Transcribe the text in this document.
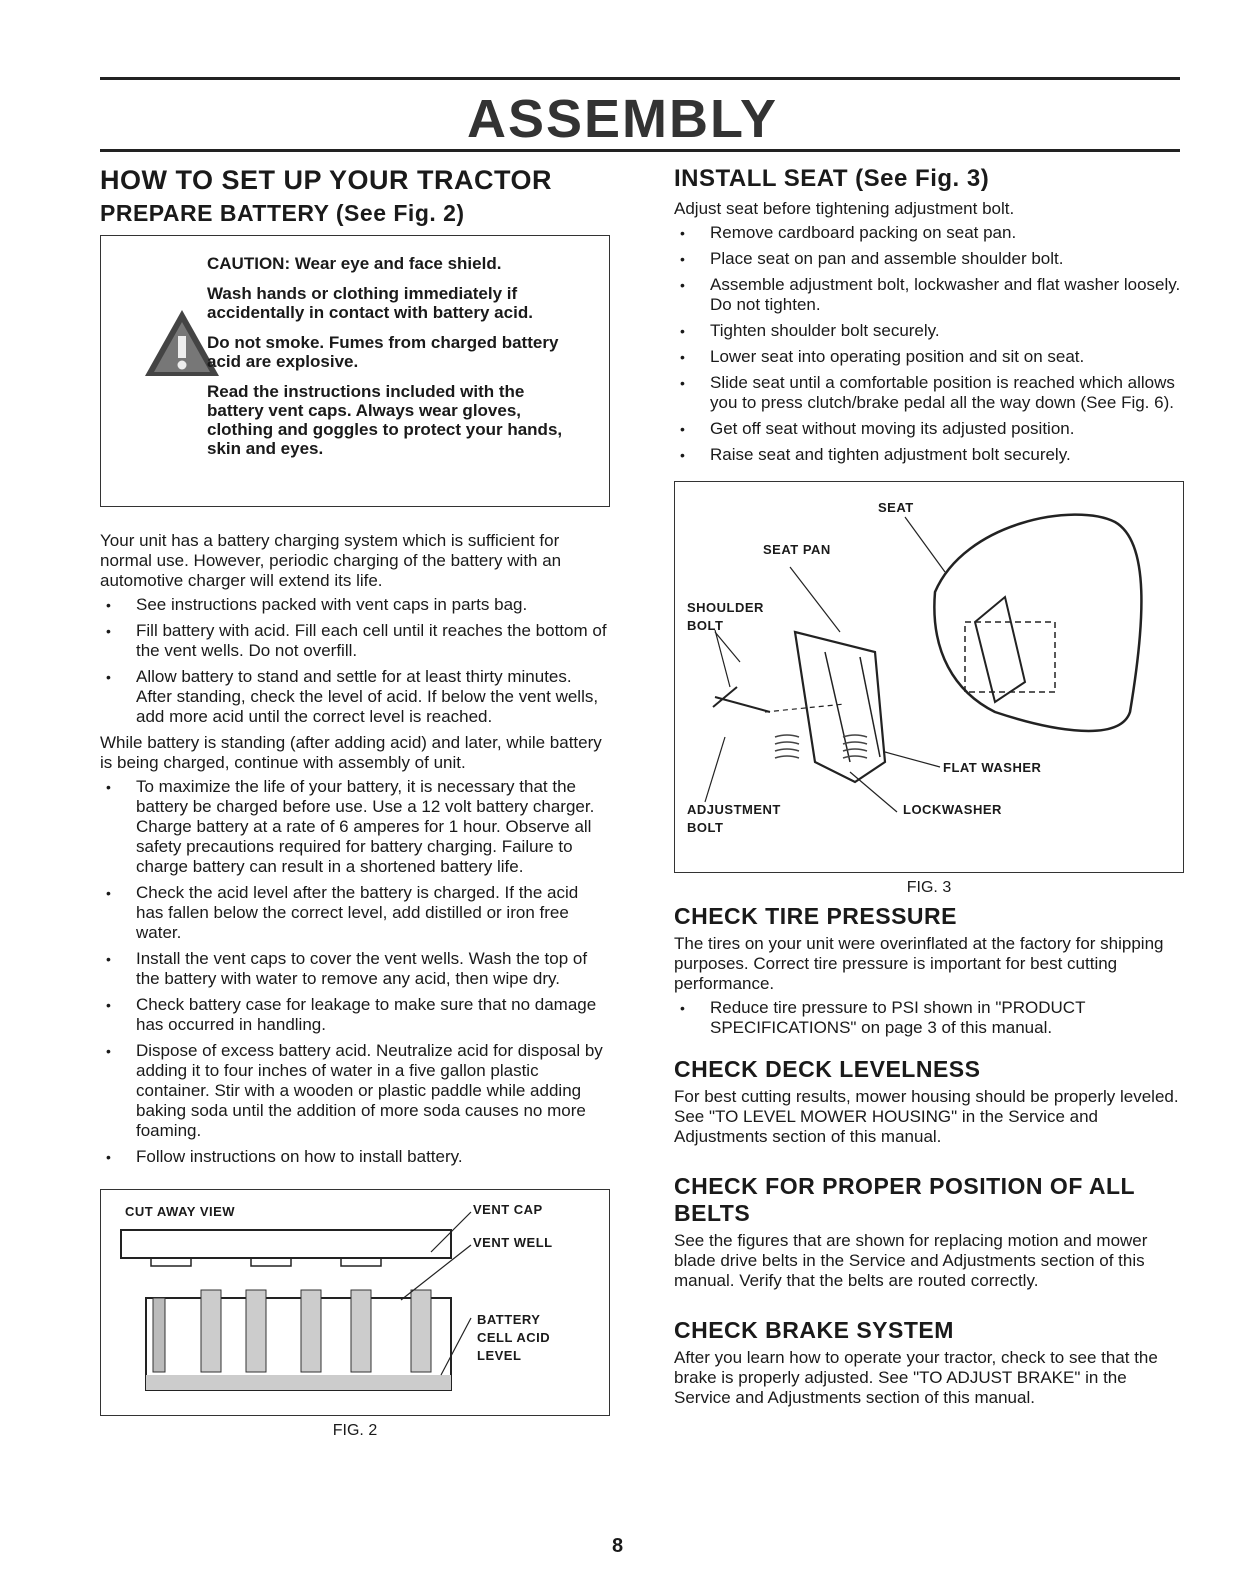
ASSEMBLY
HOW TO SET UP YOUR TRACTOR
PREPARE BATTERY (See Fig. 2)

CAUTION: Wear eye and face shield.

Wash hands or clothing immediately if accidentally in contact with battery acid.

Do not smoke. Fumes from charged battery acid are explosive.

Read the instructions included with the battery vent caps. Always wear gloves, clothing and goggles to protect your hands, skin and eyes.

Your unit has a battery charging system which is sufficient for normal use. However, periodic charging of the battery with an automotive charger will extend its life.

• See instructions packed with vent caps in parts bag.
• Fill battery with acid. Fill each cell until it reaches the bottom of the vent wells. Do not overfill.
• Allow battery to stand and settle for at least thirty minutes. After standing, check the level of acid. If below the vent wells, add more acid until the correct level is reached.

While battery is standing (after adding acid) and later, while battery is being charged, continue with assembly of unit.

• To maximize the life of your battery, it is necessary that the battery be charged before use. Use a 12 volt battery charger. Charge battery at a rate of 6 amperes for 1 hour. Observe all safety precautions required for battery charging. Failure to charge battery can result in a shortened battery life.
• Check the acid level after the battery is charged. If the acid has fallen below the correct level, add distilled or iron free water.
• Install the vent caps to cover the vent wells. Wash the top of the battery with water to remove any acid, then wipe dry.
• Check battery case for leakage to make sure that no damage has occurred in handling.
• Dispose of excess battery acid. Neutralize acid for disposal by adding it to four inches of water in a five gallon plastic container. Stir with a wooden or plastic paddle while adding baking soda until the addition of more soda causes no more foaming.
• Follow instructions on how to install battery.
CUT AWAY VIEW	VENT CAP
VENT WELL
BATTERY
CELL ACID
LEVEL
FIG. 2
INSTALL SEAT (See Fig. 3)

Adjust seat before tightening adjustment bolt.

• Remove cardboard packing on seat pan.
• Place seat on pan and assemble shoulder bolt.
• Assemble adjustment bolt, lockwasher and flat washer loosely. Do not tighten.
• Tighten shoulder bolt securely.
• Lower seat into operating position and sit on seat.
• Slide seat until a comfortable position is reached which allows you to press clutch/brake pedal all the way down (See Fig. 6).
• Get off seat without moving its adjusted position.
• Raise seat and tighten adjustment bolt securely.
SEAT
SEAT PAN
SHOULDER
BOLT
FLAT WASHER
ADJUSTMENT
BOLT
LOCKWASHER
FIG. 3
CHECK TIRE PRESSURE

The tires on your unit were overinflated at the factory for shipping purposes. Correct tire pressure is important for best cutting performance.

• Reduce tire pressure to PSI shown in "PRODUCT SPECIFICATIONS" on page 3 of this manual.
CHECK DECK LEVELNESS

For best cutting results, mower housing should be properly leveled. See "TO LEVEL MOWER HOUSING" in the Service and Adjustments section of this manual.

CHECK FOR PROPER POSITION OF ALL BELTS

See the figures that are shown for replacing motion and mower blade drive belts in the Service and Adjustments section of this manual. Verify that the belts are routed correctly.

CHECK BRAKE SYSTEM

After you learn how to operate your tractor, check to see that the brake is properly adjusted. See "TO ADJUST BRAKE" in the Service and Adjustments section of this manual.

8
